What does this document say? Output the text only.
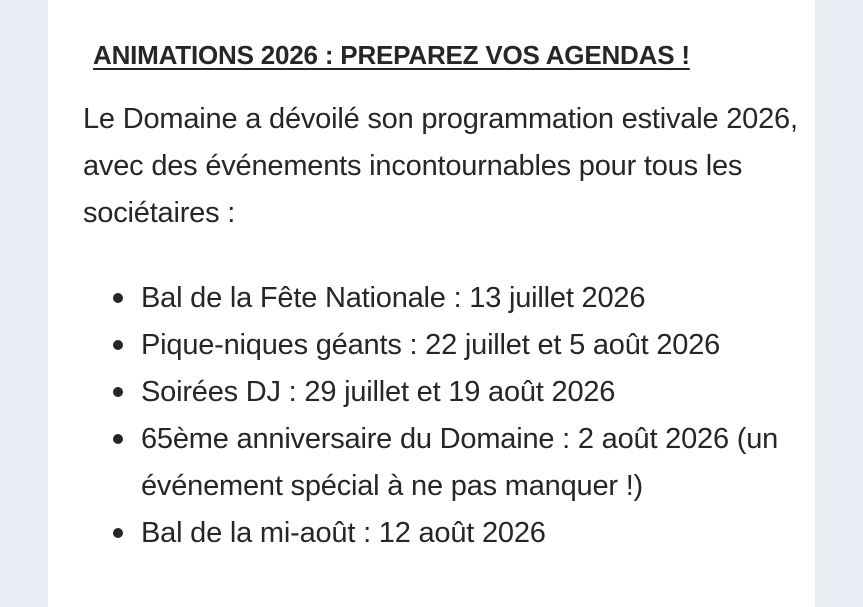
ANIMATIONS 2026 : PREPAREZ VOS AGENDAS !

Le Domaine a dévoilé son programmation estivale 2026, avec des événements incontournables pour tous les sociétaires :

Bal de la Fête Nationale : 13 juillet 2026
Pique-niques géants : 22 juillet et 5 août 2026
Soirées DJ : 29 juillet et 19 août 2026
65ème anniversaire du Domaine : 2 août 2026 (un événement spécial à ne pas manquer !)
Bal de la mi-août : 12 août 2026
